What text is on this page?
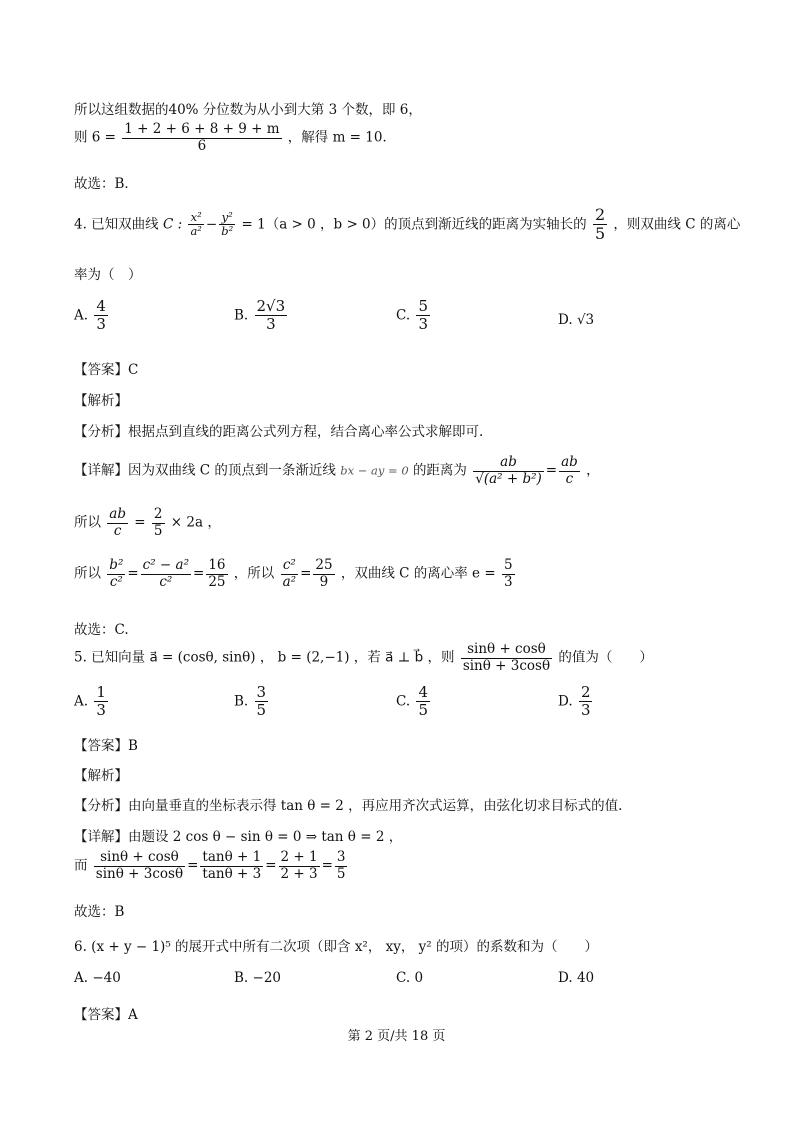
所以这组数据的40% 分位数为从小到大第 3 个数，即 6，
则 $6 = \frac{1 + 2 + 6 + 8 + 9 + m}{6}$ ，解得 m = 10．
故选：B．
4. 已知双曲线 C : $\frac{\text{x²}}{\text{a²}} - \frac{\text{y²}}{\text{b²}} = 1(a > 0$ ，b > 0）的顶点到渐近线的距离为实轴长的 $\frac{2}{5}$ ，则双曲线 C 的离心
率为（　）
A. $\frac{4}{3}$	B. $\frac{2√3}{3}$	C. $\frac{5}{3}$	D. √3
【答案】C
【解析】
【分析】根据点到直线的距离公式列方程，结合离心率公式求解即可.
【详解】因为双曲线 C 的顶点到一条渐近线 bx − ay = 0 的距离为 $\frac{ab}{\text{√(a² + b²)}} = \frac{ab}{c}$ ，
所以 $\frac{ab}{c} = \frac{2}{5} \times 2a$ ，
所以 $\frac{\text{b²}}{\text{c²}} = \frac{\text{c² − a²}}{\text{c²}} = \frac{16}{25}$ ，所以 $\frac{\text{c²}}{\text{a²}} = \frac{25}{9}$ ，双曲线 C 的离心率 $e = \frac{5}{3}$
故选：C.
5. 已知向量 a⃗ = (cosθ, sinθ) ， b = (2,−1) ，若 a⃗ ⊥ b⃗ ，则 $\frac{\sin\theta + \cos\theta}{\sin\theta + 3\cos\theta}$ 的值为（　　）
A. $\frac{1}{3}$	B. $\frac{3}{5}$	C. $\frac{4}{5}$	D. $\frac{2}{3}$
【答案】B
【解析】
【分析】由向量垂直的坐标表示得 tan θ = 2 ，再应用齐次式运算，由弦化切求目标式的值.
【详解】由题设 2 cos θ − sin θ = 0 ⇒ tan θ = 2 ，
而 $\frac{\sin\theta + \cos\theta}{\sin\theta + 3\cos\theta} = \frac{\tan\theta + 1}{\tan\theta + 3} = \frac{2 + 1}{2 + 3} = \frac{3}{5}$
故选：B
6. (x + y − 1)⁵ 的展开式中所有二次项（即含 x²， xy， y² 的项）的系数和为（　　）
A. −40	B. −20	C. 0	D. 40
【答案】A
第 2 页/共 18 页
